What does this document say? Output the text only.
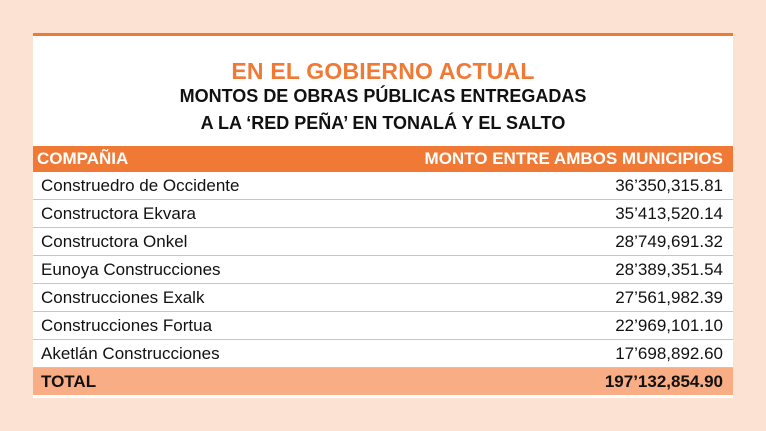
EN EL GOBIERNO ACTUAL
MONTOS DE OBRAS PÚBLICAS ENTREGADAS
A LA ‘RED PEÑA’ EN TONALÁ Y EL SALTO
COMPAÑIA	MONTO ENTRE AMBOS MUNICIPIOS
Construedro de Occidente	36’350,315.81
Constructora Ekvara	35’413,520.14
Constructora Onkel	28’749,691.32
Eunoya Construcciones	28’389,351.54
Construcciones Exalk	27’561,982.39
Construcciones Fortua	22’969,101.10
Aketlán Construcciones	17’698,892.60
TOTAL	197’132,854.90
